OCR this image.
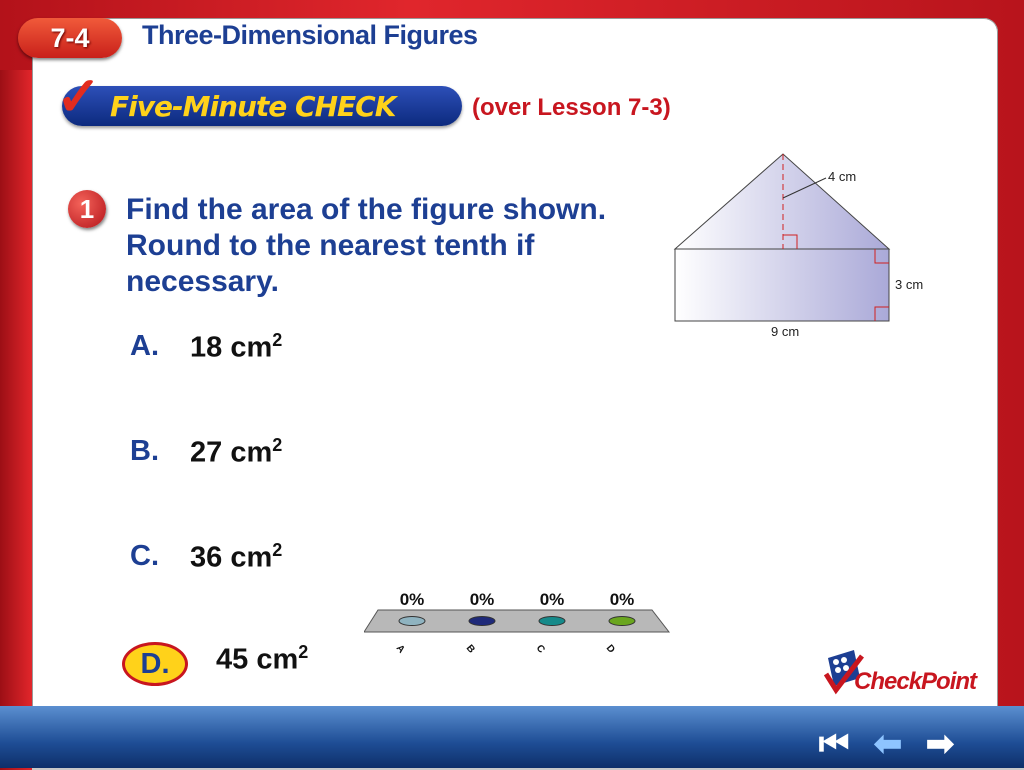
7-4 Three-Dimensional Figures
✓ Five-Minute CHECK	(over Lesson 7-3)
1	Find the area of the figure shown. Round to the nearest tenth if necessary.
4 cm
3 cm
9 cm
A.	18 $cm^2$
B.	27 $cm^2$
C.	36 $cm^2$
D.	45 $cm^2$
0%
A
0%
B
0%
C
0%
D
CheckPoint
⏮ ⬅ ➡
